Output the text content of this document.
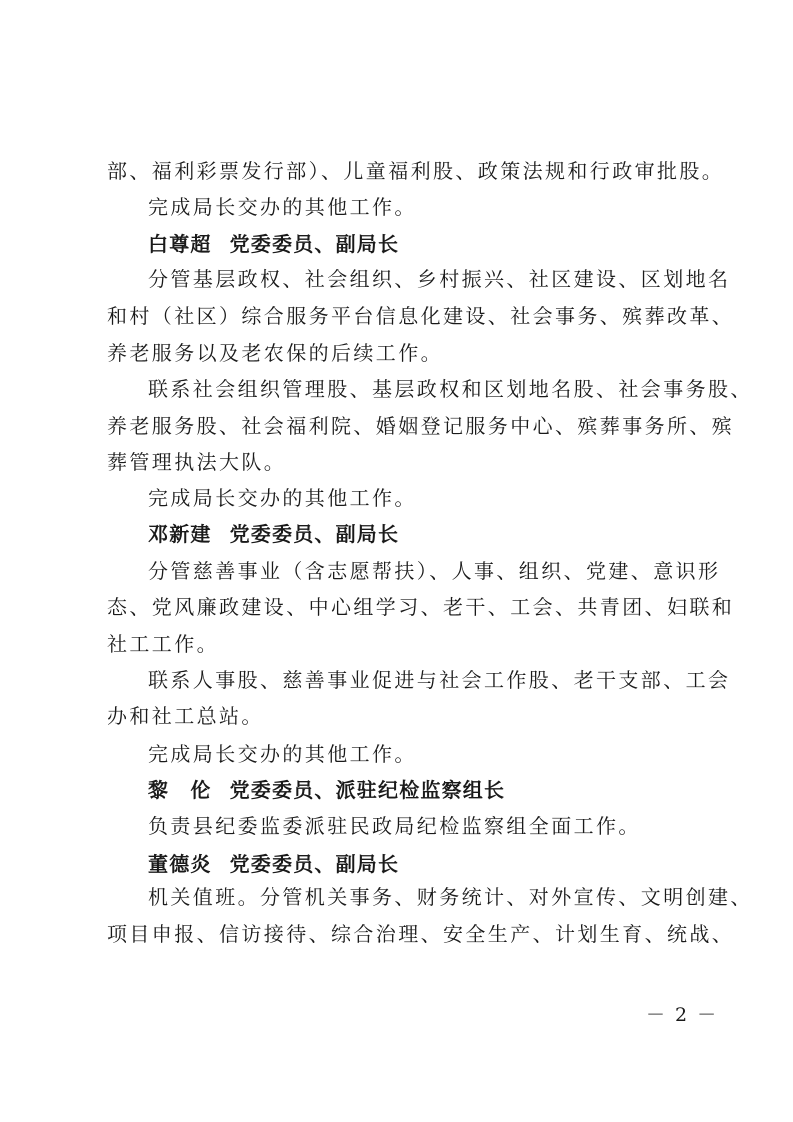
部、福利彩票发行部）、儿童福利股、政策法规和行政审批股。
完成局长交办的其他工作。
白尊超 党委委员、副局长
分管基层政权、社会组织、乡村振兴、社区建设、区划地名
和村（社区）综合服务平台信息化建设、社会事务、殡葬改革、
养老服务以及老农保的后续工作。
联系社会组织管理股、基层政权和区划地名股、社会事务股、
养老服务股、社会福利院、婚姻登记服务中心、殡葬事务所、殡
葬管理执法大队。
完成局长交办的其他工作。
邓新建 党委委员、副局长
分管慈善事业（含志愿帮扶）、人事、组织、党建、意识形
态、党风廉政建设、中心组学习、老干、工会、共青团、妇联和
社工工作。
联系人事股、慈善事业促进与社会工作股、老干支部、工会
办和社工总站。
完成局长交办的其他工作。
黎　伦 党委委员、派驻纪检监察组长
负责县纪委监委派驻民政局纪检监察组全面工作。
董德炎 党委委员、副局长
机关值班。分管机关事务、财务统计、对外宣传、文明创建、
项目申报、信访接待、综合治理、安全生产、计划生育、统战、
－ 2 －
